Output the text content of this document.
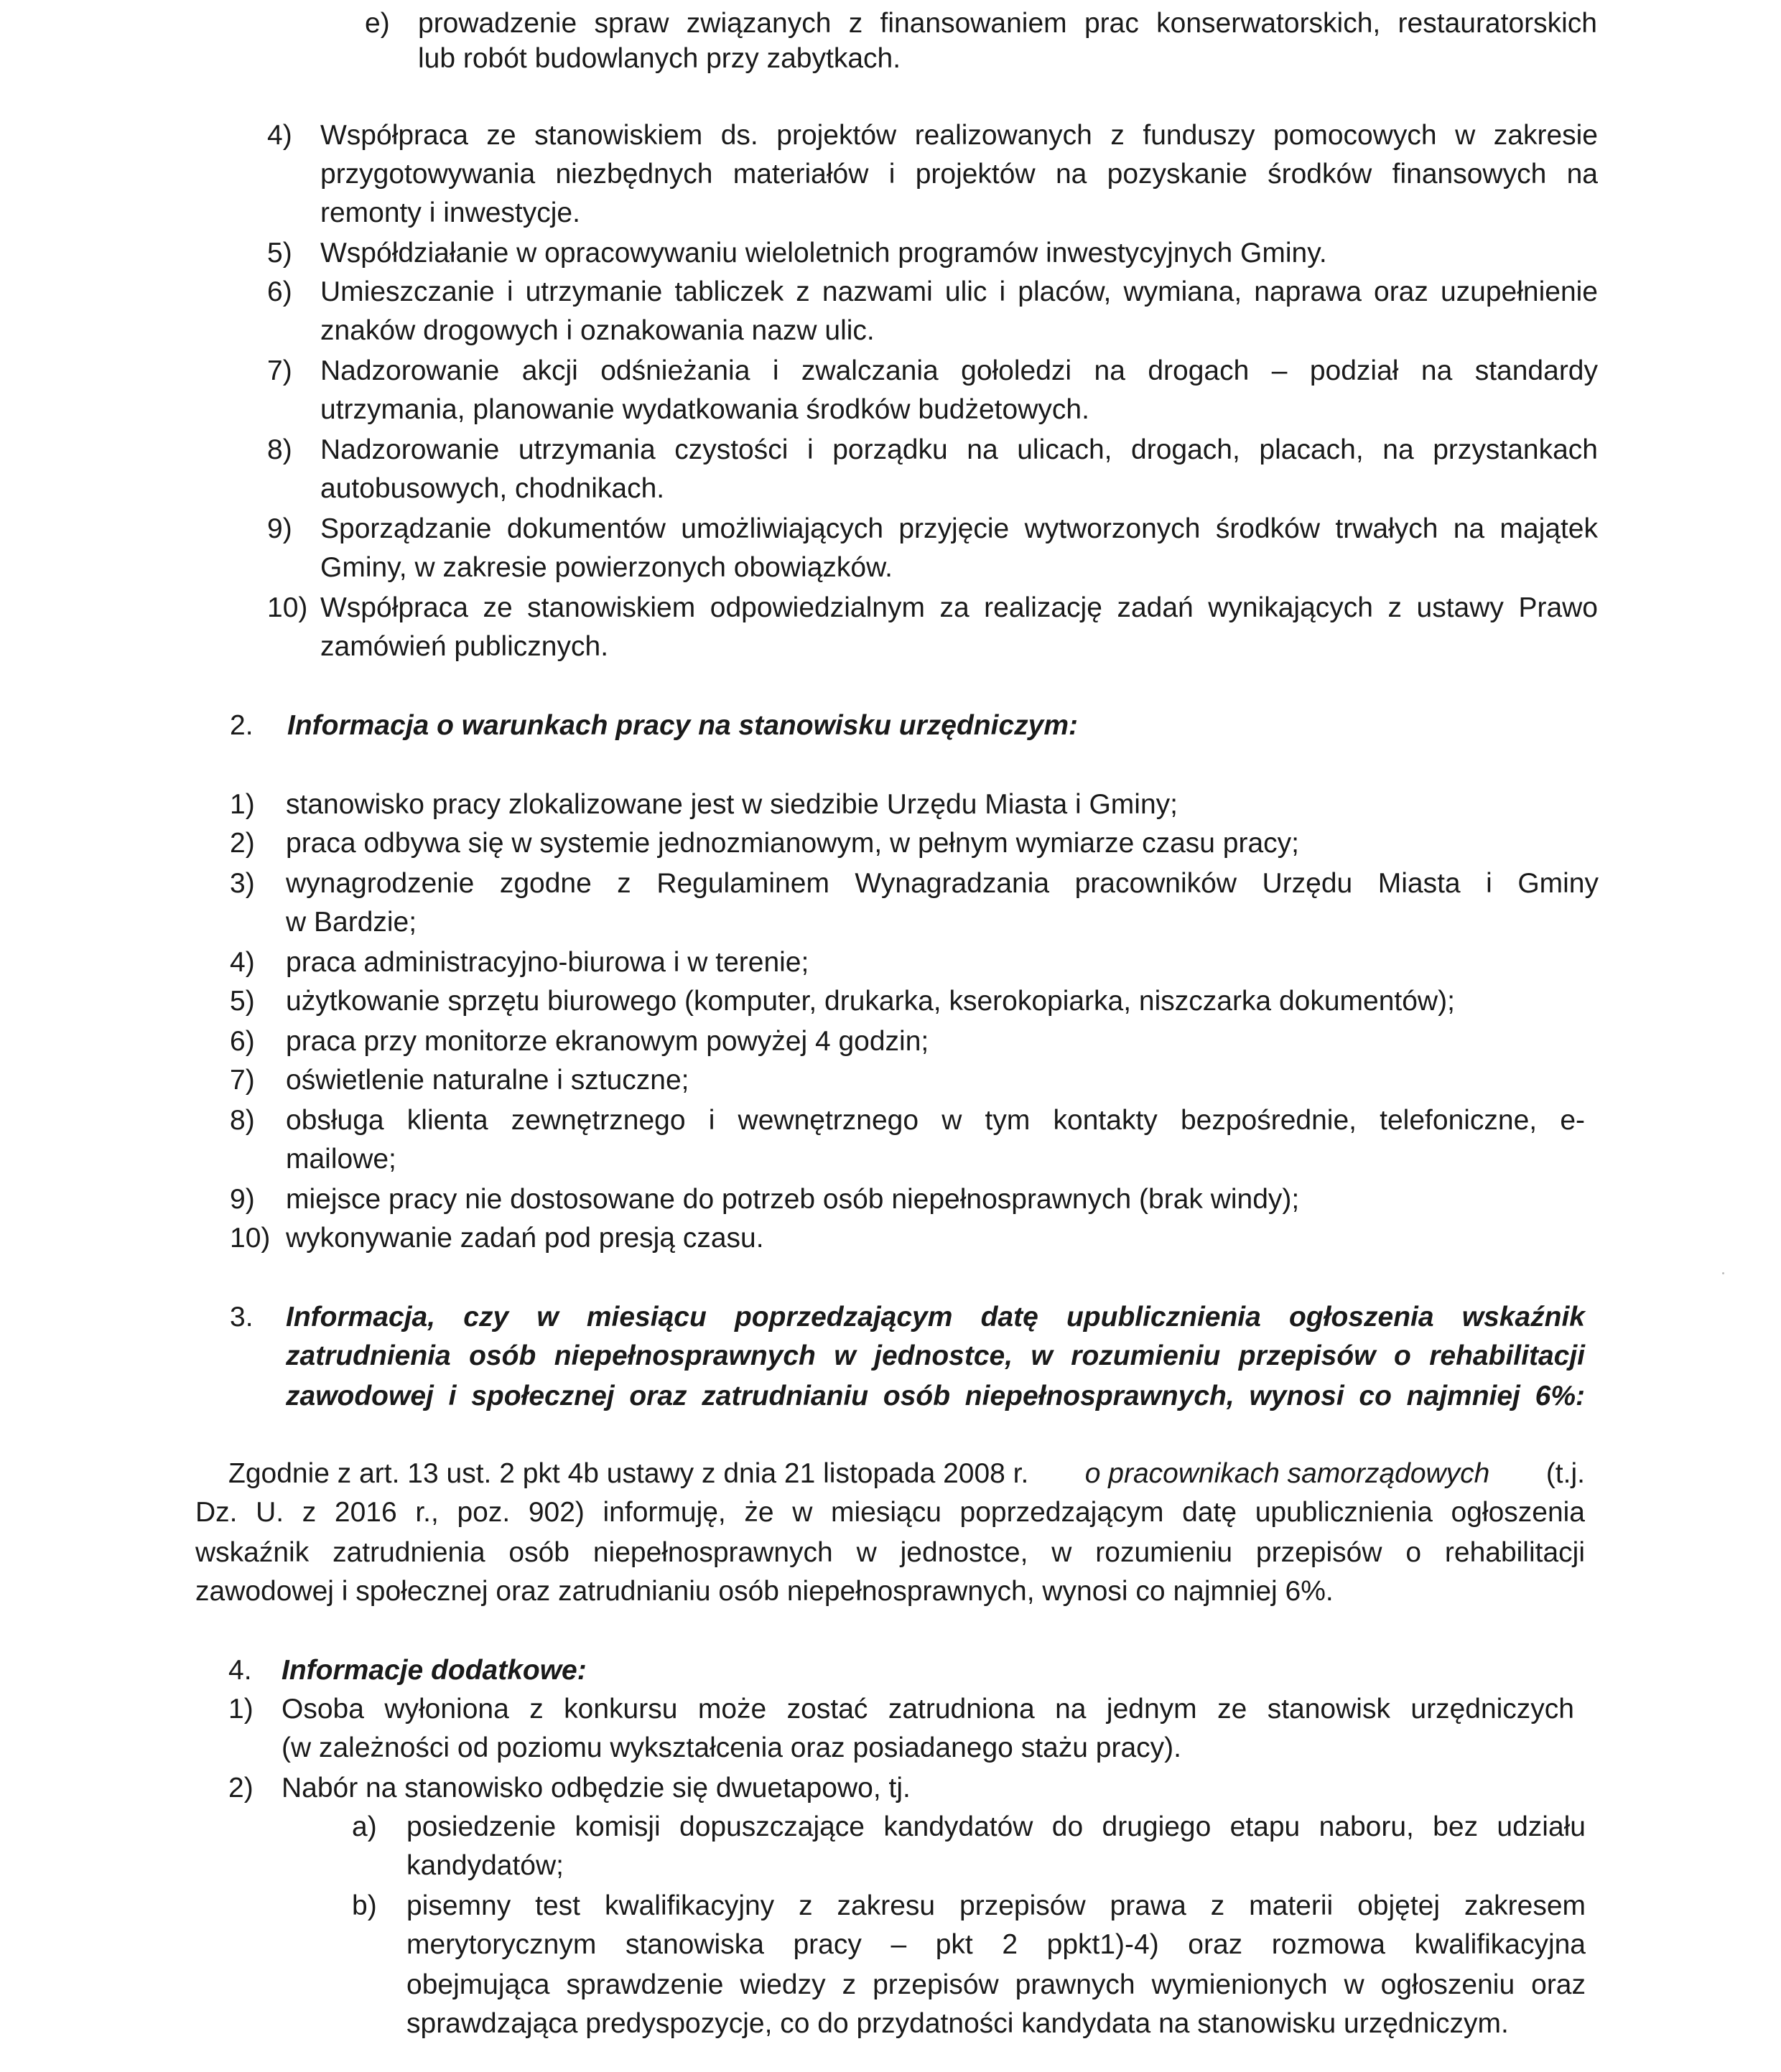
e) prowadzenie spraw związanych z finansowaniem prac konserwatorskich, restauratorskich
lub robót budowlanych przy zabytkach.
4) Współpraca ze stanowiskiem ds. projektów realizowanych z funduszy pomocowych w zakresie
przygotowywania niezbędnych materiałów i projektów na pozyskanie środków finansowych na
remonty i inwestycje.
5) Współdziałanie w opracowywaniu wieloletnich programów inwestycyjnych Gminy.
6) Umieszczanie i utrzymanie tabliczek z nazwami ulic i placów, wymiana, naprawa oraz uzupełnienie
znaków drogowych i oznakowania nazw ulic.
7) Nadzorowanie akcji odśnieżania i zwalczania gołoledzi na drogach – podział na standardy
utrzymania, planowanie wydatkowania środków budżetowych.
8) Nadzorowanie utrzymania czystości i porządku na ulicach, drogach, placach, na przystankach
autobusowych, chodnikach.
9) Sporządzanie dokumentów umożliwiających przyjęcie wytworzonych środków trwałych na majątek
Gminy, w zakresie powierzonych obowiązków.
10) Współpraca ze stanowiskiem odpowiedzialnym za realizację zadań wynikających z ustawy Prawo
zamówień publicznych.
2. Informacja o warunkach pracy na stanowisku urzędniczym:
1) stanowisko pracy zlokalizowane jest w siedzibie Urzędu Miasta i Gminy;
2) praca odbywa się w systemie jednozmianowym, w pełnym wymiarze czasu pracy;
3) wynagrodzenie zgodne z Regulaminem Wynagradzania pracowników Urzędu Miasta i Gminy
w Bardzie;
4) praca administracyjno-biurowa i w terenie;
5) użytkowanie sprzętu biurowego (komputer, drukarka, kserokopiarka, niszczarka dokumentów);
6) praca przy monitorze ekranowym powyżej 4 godzin;
7) oświetlenie naturalne i sztuczne;
8) obsługa klienta zewnętrznego i wewnętrznego w tym kontakty bezpośrednie, telefoniczne, e-
mailowe;
9) miejsce pracy nie dostosowane do potrzeb osób niepełnosprawnych (brak windy);
10) wykonywanie zadań pod presją czasu.
3. Informacja, czy w miesiącu poprzedzającym datę upublicznienia ogłoszenia wskaźnik
zatrudnienia osób niepełnosprawnych w jednostce, w rozumieniu przepisów o rehabilitacji
zawodowej i społecznej oraz zatrudnianiu osób niepełnosprawnych, wynosi co najmniej 6%:
Zgodnie z art. 13 ust. 2 pkt 4b ustawy z dnia 21 listopada 2008 r. o pracownikach samorządowych (t.j.
Dz. U. z 2016 r., poz. 902) informuję, że w miesiącu poprzedzającym datę upublicznienia ogłoszenia
wskaźnik zatrudnienia osób niepełnosprawnych w jednostce, w rozumieniu przepisów o rehabilitacji
zawodowej i społecznej oraz zatrudnianiu osób niepełnosprawnych, wynosi co najmniej 6%.
4. Informacje dodatkowe:
1) Osoba wyłoniona z konkursu może zostać zatrudniona na jednym ze stanowisk urzędniczych
(w zależności od poziomu wykształcenia oraz posiadanego stażu pracy).
2) Nabór na stanowisko odbędzie się dwuetapowo, tj.
a) posiedzenie komisji dopuszczające kandydatów do drugiego etapu naboru, bez udziału
kandydatów;
b) pisemny test kwalifikacyjny z zakresu przepisów prawa z materii objętej zakresem
merytorycznym stanowiska pracy – pkt 2 ppkt1)-4) oraz rozmowa kwalifikacyjna
obejmująca sprawdzenie wiedzy z przepisów prawnych wymienionych w ogłoszeniu oraz
sprawdzająca predyspozycje, co do przydatności kandydata na stanowisku urzędniczym.
